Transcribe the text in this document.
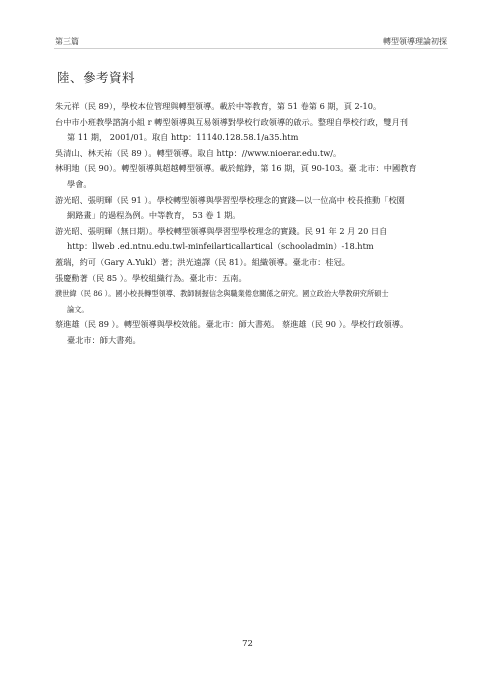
第三篇	轉型領導理論初探
陸、參考資料
朱元祥（民 89），學校本位管理與轉型領導。載於中等教育，第 51 卷第 6 期，頁 2-10。
台中市小班教學諮詢小組 r 轉型領導與互易領導對學校行政領導的啟示。整理自學校行政，雙月刊
第 11 期， 2001/01。取自 http：11140.128.58.1/a35.htm
吳清山、林天祐（民 89 ）。轉型領導。取自 http：//www.nioerar.edu.tw/。
林明地（民 90）。轉型領導與超越轉型領導。載於館錚，第 16 期，頁 90-103。臺 北市：中國教育
學會。
游光昭、張明輝（民 91 ）。學校轉型領導與學習型學校理念的實踐—以一位高中 校長推動「校園
網路畫」的過程為例。中等教育， 53 卷 1 期。
游光昭、張明輝（無日期）。學校轉型領導與學習型學校理念的實踐。民 91 年 2 月 20 日自
http：llweb .ed.ntnu.edu.twl-minfeilarticallartical（schooladmin）-18.htm
蓋瑞，約可（Gary A.Yukl）著；洪光遠譯（民 81）。組織領導。臺北市：桂冠。
張慶勳著（民 85 ）。學校組織行為。臺北市：五南。
濮世緯（民 86 ）。國小校長轉型領導、教師制握信念與職業倦怠關係之研究。國立政治大學教研究所碩士
論文。
蔡進雄（民 89 ）。轉型領導與學校效能。臺北市：師大書苑。 蔡進雄（民 90 ）。學校行政領導。
臺北市：師大書苑。
72
